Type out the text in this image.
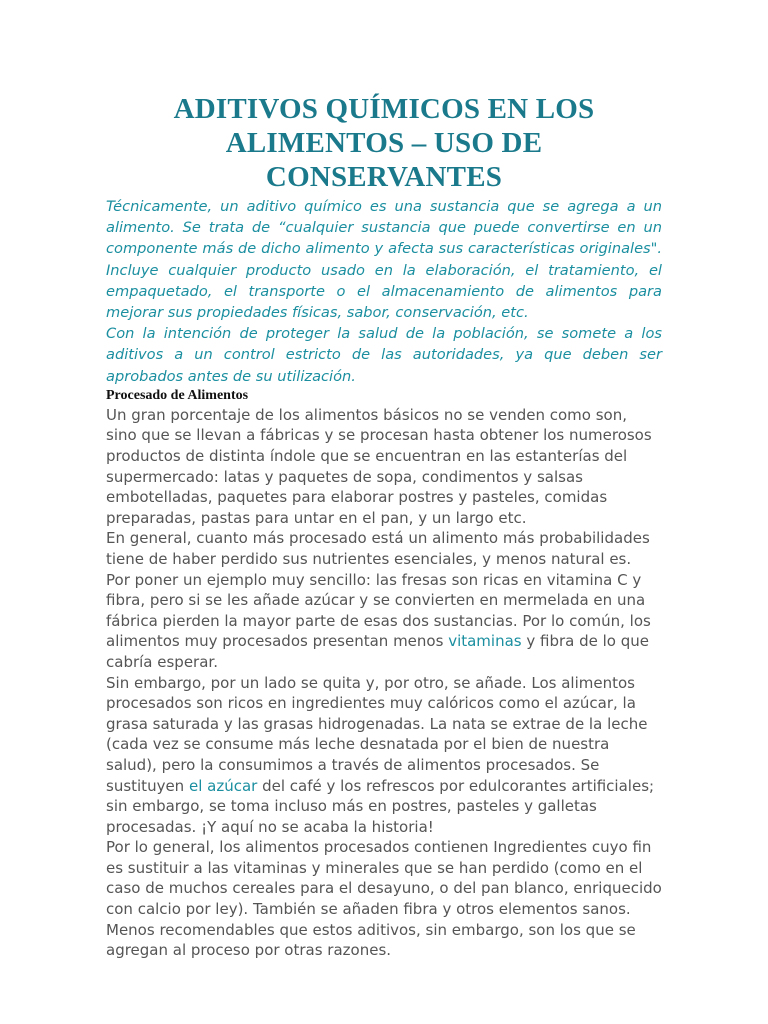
ADITIVOS QUÍMICOS EN LOS
ALIMENTOS – USO DE CONSERVANTES

Técnicamente, un aditivo químico es una sustancia que se agrega a un alimento. Se trata de “cualquier sustancia que puede convertirse en un componente más de dicho alimento y afecta sus características originales". Incluye cualquier producto usado en la elaboración, el tratamiento, el empaquetado, el transporte o el almacenamiento de alimentos para mejorar sus propiedades físicas, sabor, conservación, etc.

Con la intención de proteger la salud de la población, se somete a los aditivos a un control estricto de las autoridades, ya que deben ser aprobados antes de su utilización.

Procesado de Alimentos

Un gran porcentaje de los alimentos básicos no se venden como son, sino que se llevan a fábricas y se procesan hasta obtener los numerosos productos de distinta índole que se encuentran en las estanterías del supermercado: latas y paquetes de sopa, condimentos y salsas embotelladas, paquetes para elaborar postres y pasteles, comidas preparadas, pastas para untar en el pan, y un largo etc.

En general, cuanto más procesado está un alimento más probabilidades tiene de haber perdido sus nutrientes esenciales, y menos natural es.

Por poner un ejemplo muy sencillo: las fresas son ricas en vitamina C y fibra, pero si se les añade azúcar y se convierten en mermelada en una fábrica pierden la mayor parte de esas dos sustancias. Por lo común, los alimentos muy procesados presentan menos vitaminas y fibra de lo que cabría esperar.

Sin embargo, por un lado se quita y, por otro, se añade. Los alimentos procesados son ricos en ingredientes muy calóricos como el azúcar, la grasa saturada y las grasas hidrogenadas. La nata se extrae de la leche (cada vez se consume más leche desnatada por el bien de nuestra salud), pero la consumimos a través de alimentos procesados. Se sustituyen el azúcar del café y los refrescos por edulcorantes artificiales; sin embargo, se toma incluso más en postres, pasteles y galletas procesadas. ¡Y aquí no se acaba la historia!

Por lo general, los alimentos procesados contienen Ingredientes cuyo fin es sustituir a las vitaminas y minerales que se han perdido (como en el caso de muchos cereales para el desayuno, o del pan blanco, enriquecido con calcio por ley). También se añaden fibra y otros elementos sanos. Menos recomendables que estos aditivos, sin embargo, son los que se agregan al proceso por otras razones.
